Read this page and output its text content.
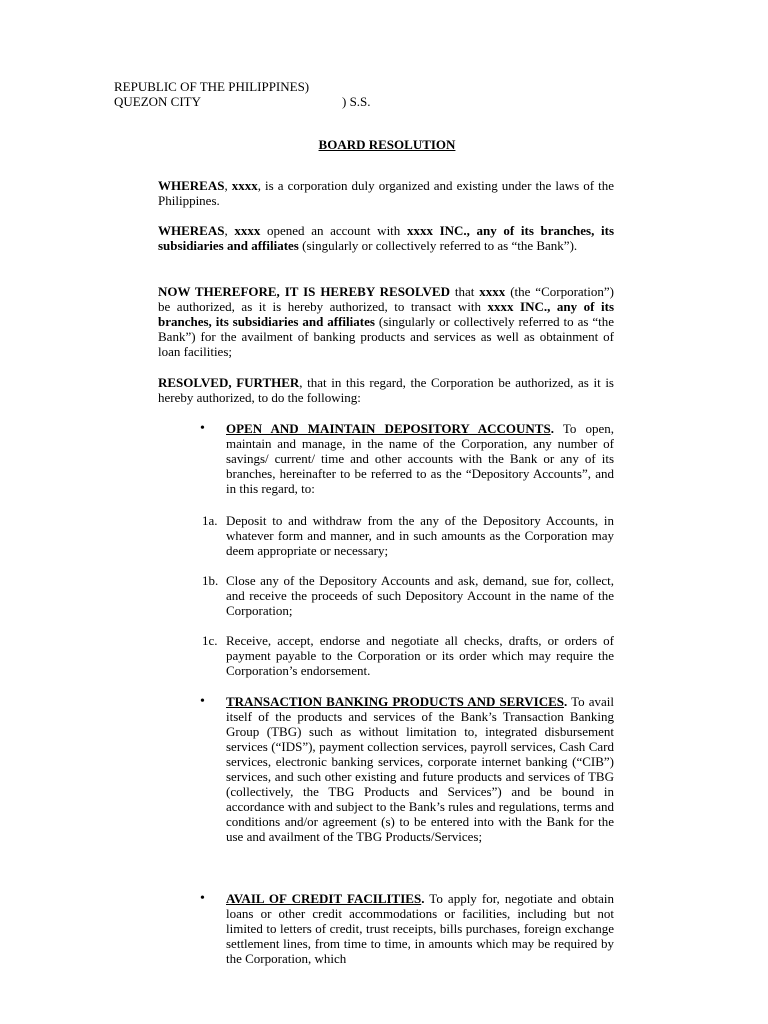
REPUBLIC OF THE PHILIPPINES)
QUEZON CITY	) S.S.
BOARD RESOLUTION
WHEREAS, xxxx, is a corporation duly organized and existing under the laws of the Philippines.
WHEREAS, xxxx opened an account with xxxx INC., any of its branches, its subsidiaries and affiliates (singularly or collectively referred to as “the Bank”).
NOW THEREFORE, IT IS HEREBY RESOLVED that xxxx (the “Corporation”) be authorized, as it is hereby authorized, to transact with xxxx INC., any of its branches, its subsidiaries and affiliates (singularly or collectively referred to as “the Bank”) for the availment of banking products and services as well as obtainment of loan facilities;
RESOLVED, FURTHER, that in this regard, the Corporation be authorized, as it is hereby authorized, to do the following:
•	OPEN AND MAINTAIN DEPOSITORY ACCOUNTS. To open, maintain and manage, in the name of the Corporation, any number of savings/ current/ time and other accounts with the Bank or any of its branches, hereinafter to be referred to as the “Depository Accounts”, and in this regard, to:
1a. Deposit to and withdraw from the any of the Depository Accounts, in whatever form and manner, and in such amounts as the Corporation may deem appropriate or necessary;
1b. Close any of the Depository Accounts and ask, demand, sue for, collect, and receive the proceeds of such Depository Account in the name of the Corporation;
1c. Receive, accept, endorse and negotiate all checks, drafts, or orders of payment payable to the Corporation or its order which may require the Corporation’s endorsement.
•	TRANSACTION BANKING PRODUCTS AND SERVICES. To avail itself of the products and services of the Bank’s Transaction Banking Group (TBG) such as without limitation to, integrated disbursement services (“IDS”), payment collection services, payroll services, Cash Card services, electronic banking services, corporate internet banking (“CIB”) services, and such other existing and future products and services of TBG (collectively, the TBG Products and Services”) and be bound in accordance with and subject to the Bank’s rules and regulations, terms and conditions and/or agreement (s) to be entered into with the Bank for the use and availment of the TBG Products/Services;
•	AVAIL OF CREDIT FACILITIES. To apply for, negotiate and obtain loans or other credit accommodations or facilities, including but not limited to letters of credit, trust receipts, bills purchases, foreign exchange settlement lines, from time to time, in amounts which may be required by the Corporation, which
